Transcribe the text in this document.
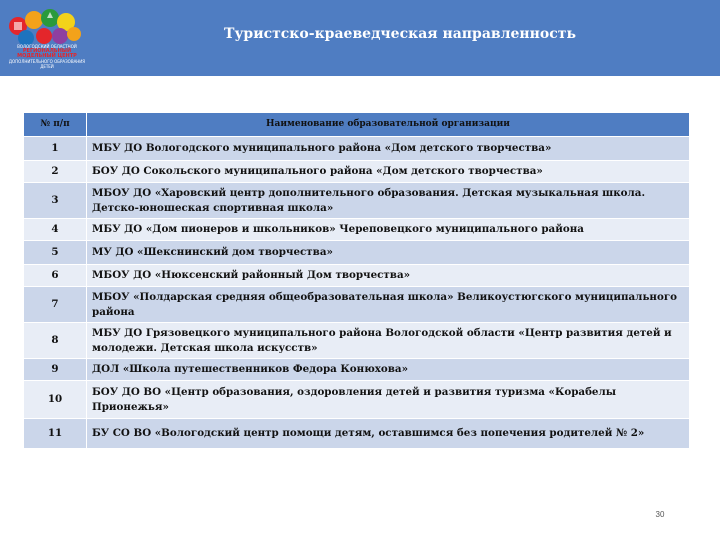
ВОЛОГОДСКИЙ ОБЛАСТНОЙ
РЕГИОНАЛЬНЫЙ МОДЕЛЬНЫЙ ЦЕНТР
ДОПОЛНИТЕЛЬНОГО ОБРАЗОВАНИЯ ДЕТЕЙ
Туристско-краеведческая направленность
№ п/п	Наименование образовательной организации
1	МБУ ДО Вологодского муниципального района «Дом детского творчества»
2	БОУ ДО Сокольского муниципального района «Дом детского творчества»
3	МБОУ ДО «Харовский центр дополнительного образования. Детская музыкальная школа. Детско-юношеская спортивная школа»
4	МБУ ДО «Дом пионеров и школьников» Череповецкого муниципального района
5	МУ ДО «Шекснинский дом творчества»
6	МБОУ ДО «Нюксенский районный Дом творчества»
7	МБОУ «Полдарская средняя общеобразовательная школа» Великоустюгского муниципального района
8	МБУ ДО Грязовецкого муниципального района Вологодской области «Центр развития детей и молодежи. Детская школа искусств»
9	ДОЛ «Школа путешественников Федора Конюхова»
10	БОУ ДО ВО «Центр образования, оздоровления детей и развития туризма «Корабелы Прионежья»
11	БУ СО ВО «Вологодский центр помощи детям, оставшимся без попечения родителей № 2»
30
